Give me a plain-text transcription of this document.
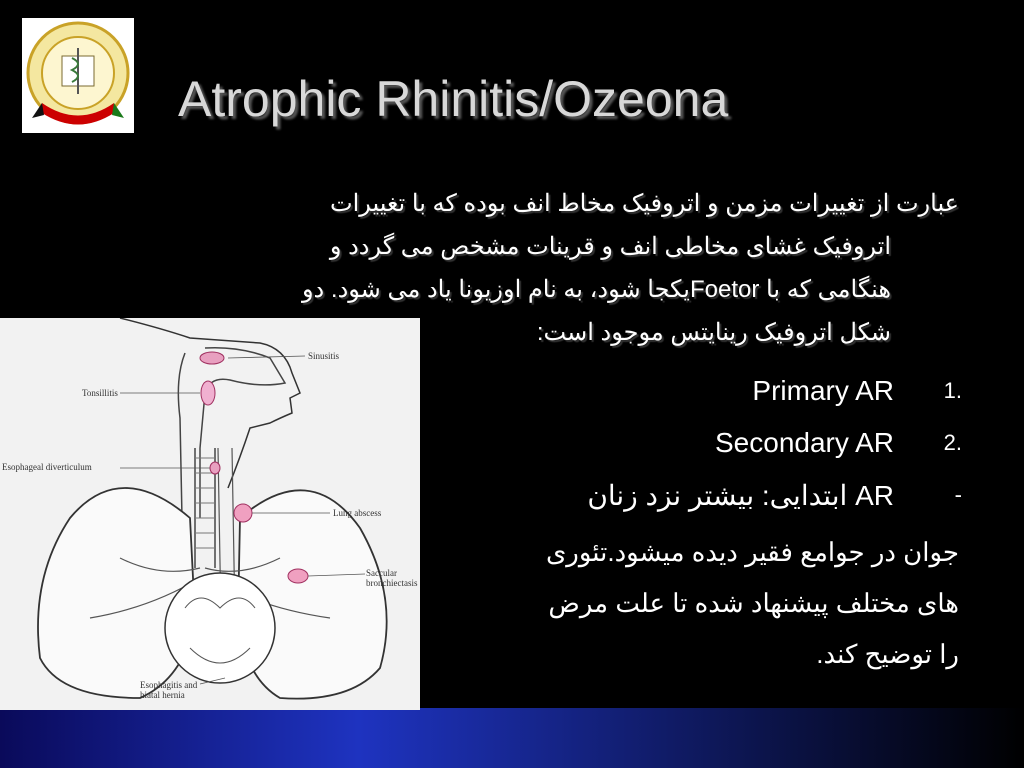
Atrophic Rhinitis/Ozeona
عبارت از تغییرات مزمن و اتروفیک مخاط انف بوده که با تغییرات
اتروفیک غشای مخاطی انف و قرینات مشخص می گردد و
هنگامی که با Foetorیکجا شود، به نام اوزیونا یاد می شود. دو
شکل اتروفیک رینایتس موجود است:
1.
Primary AR
2.
Secondary AR
-
AR ابتدایی: بیشتر نزد زنان
جوان در جوامع فقیر دیده میشود.تئوری
های مختلف پیشنهاد شده تا علت مرض
را توضیح کند.
Sinusitis
Tonsillitis
Esophageal diverticulum
Lung abscess
Saccular
bronchiectasis
Esophagitis and
hiatal hernia
